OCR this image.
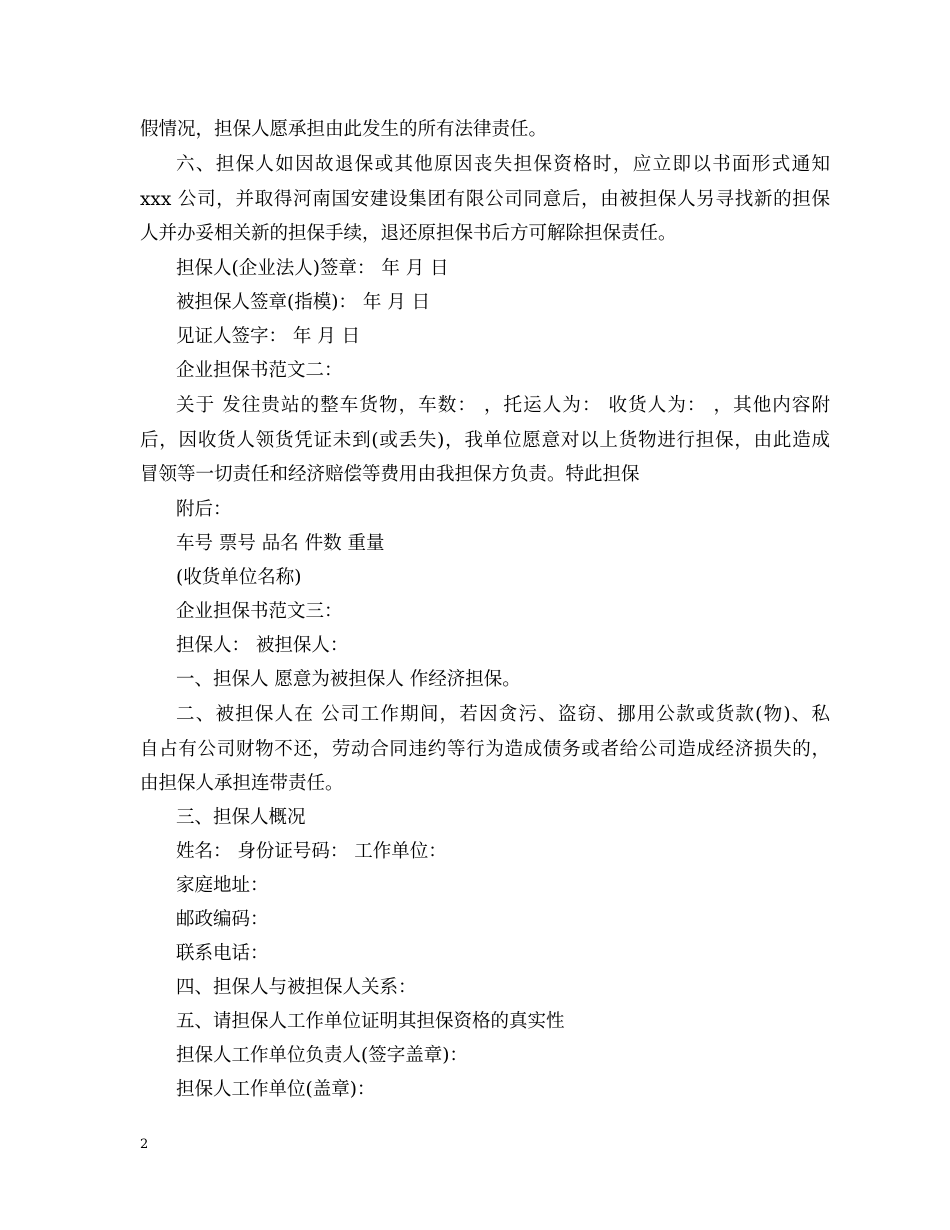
假情况，担保人愿承担由此发生的所有法律责任。
六、担保人如因故退保或其他原因丧失担保资格时，应立即以书面形式通知
xxx 公司，并取得河南国安建设集团有限公司同意后，由被担保人另寻找新的担保
人并办妥相关新的担保手续，退还原担保书后方可解除担保责任。
担保人(企业法人)签章： 年 月 日
被担保人签章(指模)： 年 月 日
见证人签字： 年 月 日
企业担保书范文二：
关于 发往贵站的整车货物，车数： ，托运人为： 收货人为： ，其他内容附
后，因收货人领货凭证未到(或丢失)，我单位愿意对以上货物进行担保，由此造成
冒领等一切责任和经济赔偿等费用由我担保方负责。特此担保
附后：
车号 票号 品名 件数 重量
(收货单位名称)
企业担保书范文三：
担保人： 被担保人：
一、担保人 愿意为被担保人 作经济担保。
二、被担保人在 公司工作期间，若因贪污、盗窃、挪用公款或货款(物)、私
自占有公司财物不还，劳动合同违约等行为造成债务或者给公司造成经济损失的，
由担保人承担连带责任。
三、担保人概况
姓名： 身份证号码： 工作单位：
家庭地址：
邮政编码：
联系电话：
四、担保人与被担保人关系：
五、请担保人工作单位证明其担保资格的真实性
担保人工作单位负责人(签字盖章)：
担保人工作单位(盖章)：
2
